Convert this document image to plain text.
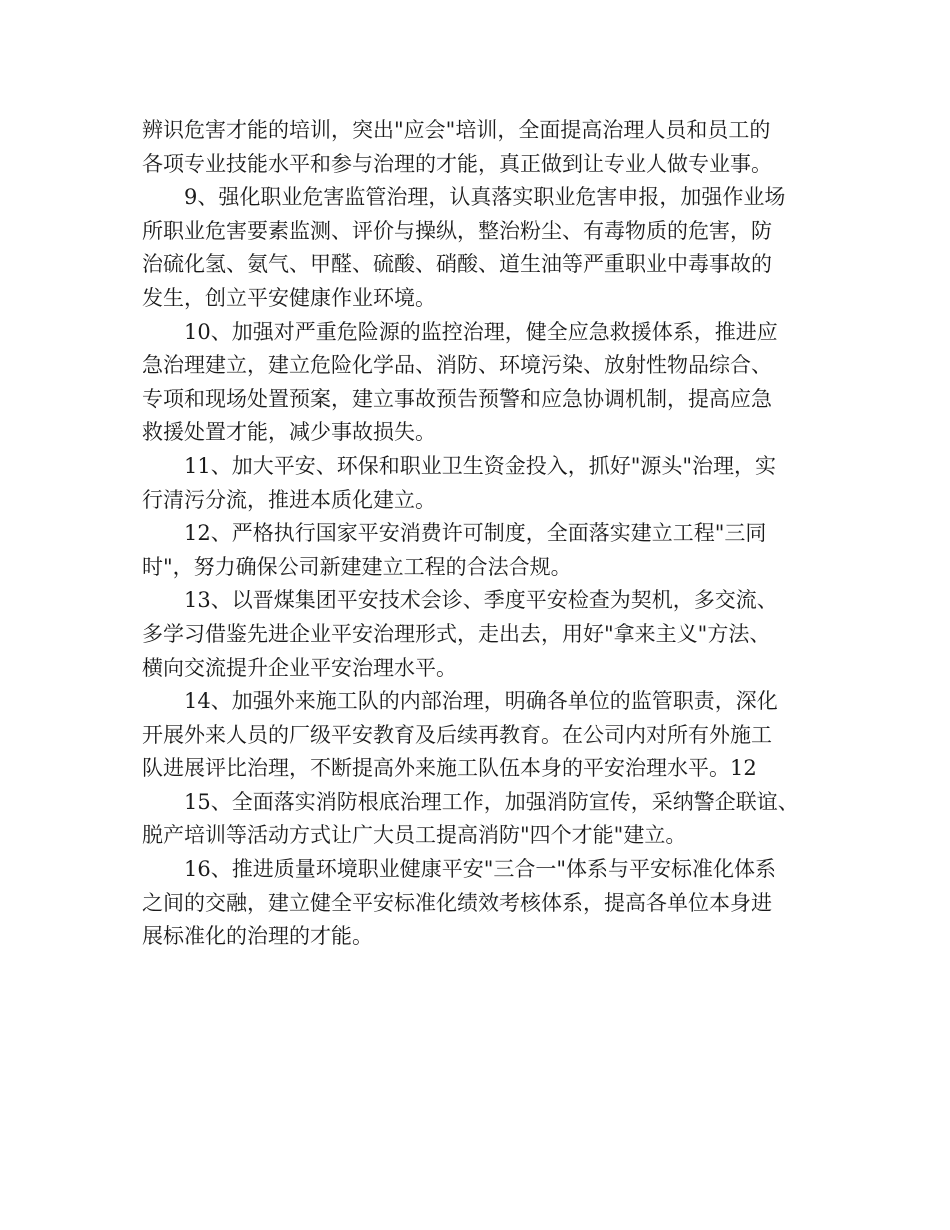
辨识危害才能的培训，突出"应会"培训，全面提高治理人员和员工的
各项专业技能水平和参与治理的才能，真正做到让专业人做专业事。
9、强化职业危害监管治理，认真落实职业危害申报，加强作业场
所职业危害要素监测、评价与操纵，整治粉尘、有毒物质的危害，防
治硫化氢、氨气、甲醛、硫酸、硝酸、道生油等严重职业中毒事故的
发生，创立平安健康作业环境。
10、加强对严重危险源的监控治理，健全应急救援体系，推进应
急治理建立，建立危险化学品、消防、环境污染、放射性物品综合、
专项和现场处置预案，建立事故预告预警和应急协调机制，提高应急
救援处置才能，减少事故损失。
11、加大平安、环保和职业卫生资金投入，抓好"源头"治理，实
行清污分流，推进本质化建立。
12、严格执行国家平安消费许可制度，全面落实建立工程"三同
时"，努力确保公司新建建立工程的合法合规。
13、以晋煤集团平安技术会诊、季度平安检查为契机，多交流、
多学习借鉴先进企业平安治理形式，走出去，用好"拿来主义"方法、
横向交流提升企业平安治理水平。
14、加强外来施工队的内部治理，明确各单位的监管职责，深化
开展外来人员的厂级平安教育及后续再教育。在公司内对所有外施工
队进展评比治理，不断提高外来施工队伍本身的平安治理水平。12
15、全面落实消防根底治理工作，加强消防宣传，采纳警企联谊、
脱产培训等活动方式让广大员工提高消防"四个才能"建立。
16、推进质量环境职业健康平安"三合一"体系与平安标准化体系
之间的交融，建立健全平安标准化绩效考核体系，提高各单位本身进
展标准化的治理的才能。
